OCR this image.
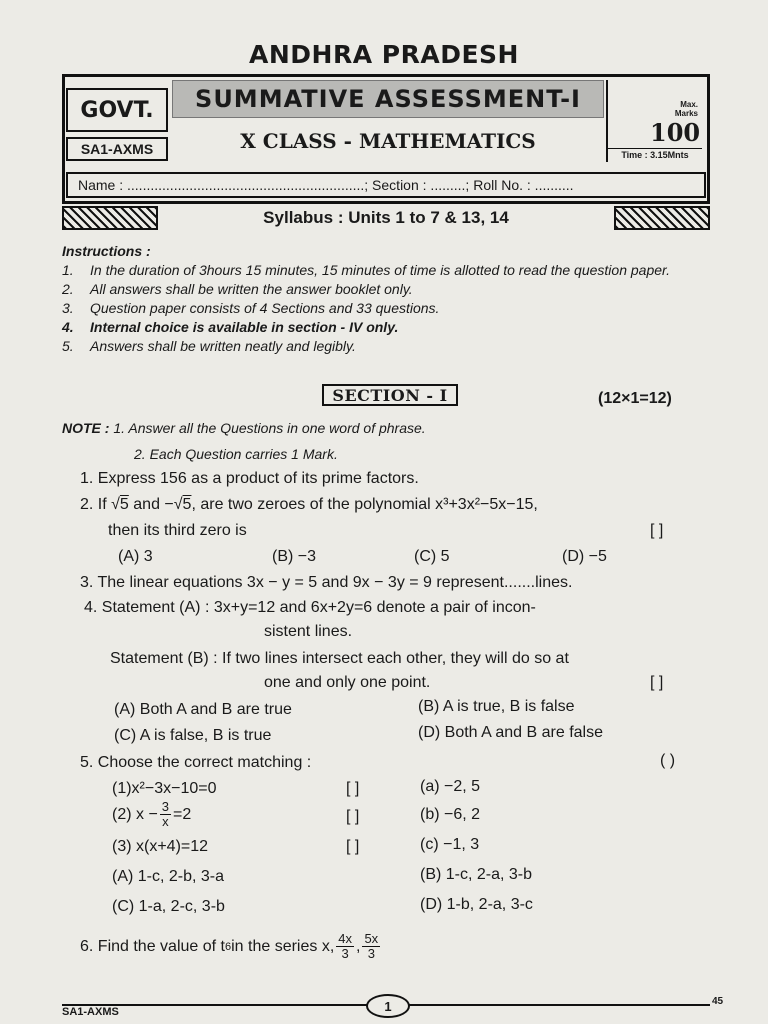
ANDHRA PRADESH
GOVT.
SA1-AXMS
SUMMATIVE ASSESSMENT-I
X CLASS - MATHEMATICS
Max. Marks
100
Time : 3.15Mnts
Name : .............................................................; Section : .........; Roll No. : ..........
Syllabus : Units 1 to 7 & 13, 14
Instructions :
1.	In the duration of 3hours 15 minutes, 15 minutes of time is allotted to read the question paper.
2.	All answers shall be written the answer booklet only.
3.	Question paper consists of 4 Sections and 33 questions.
4.	Internal choice is available in section - IV only.
5.	Answers shall be written neatly and legibly.
SECTION - I	(12×1=12)
NOTE : 1. Answer all the Questions in one word of phrase.
2. Each Question carries 1 Mark.
1. Express 156 as a product of its prime factors.
2. If √5 and −√5, are two zeroes of the polynomial x³+3x²−5x−15,
then its third zero is	[ ]
(A) 3	(B) −3	(C) 5	(D) −5
3. The linear equations 3x − y = 5 and 9x − 3y = 9 represent.......lines.
4. Statement (A) : 3x+y=12 and 6x+2y=6 denote a pair of incon-
sistent lines.
Statement (B) : If two lines intersect each other, they will do so at
one and only one point.	[ ]
(A) Both A and B are true	(B) A is true, B is false
(C) A is false, B is true	(D) Both A and B are false
5. Choose the correct matching :	( )
(1)x²−3x−10=0	[ ]	(a) −2, 5
(2) $x - \frac{3}{x} =2$	[ ]	(b) −6, 2
(3) x(x+4)=12	[ ]	(c) −1, 3
(A) 1-c, 2-b, 3-a	(B) 1-c, 2-a, 3-b
(C) 1-a, 2-c, 3-b	(D) 1-b, 2-a, 3-c
6. Find the value of t 6 in the series x, $\frac{4x}{3}$ , $\frac{5x}{3}$
SA1-AXMS	1	45
